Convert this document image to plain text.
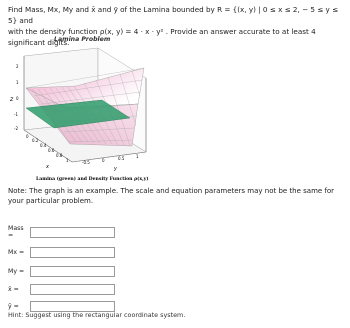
Find Mass, Mx, My and x̄ and ȳ of the Lamina bounded by R = {(x, y) | 0 ≤ x ≤ 2, − 5 ≤ y ≤ 5} and
with the density function ρ(x, y) = 4 · x · y² . Provide an answer accurate to at least 4 significant digits.
Lamina Problem
z
2
1
0
-1
-2
0
0.2
0.4
0.6
0.8
1
x
-0.5	0	0.5	1
y
Lamina (green) and Density Function ρ(x,y)
Note: The graph is an example. The scale and equation parameters may not be the same for your particular problem.
Mass =
Mx =
My =
x̄ =
ȳ =
Hint: Suggest using the rectangular coordinate system.
